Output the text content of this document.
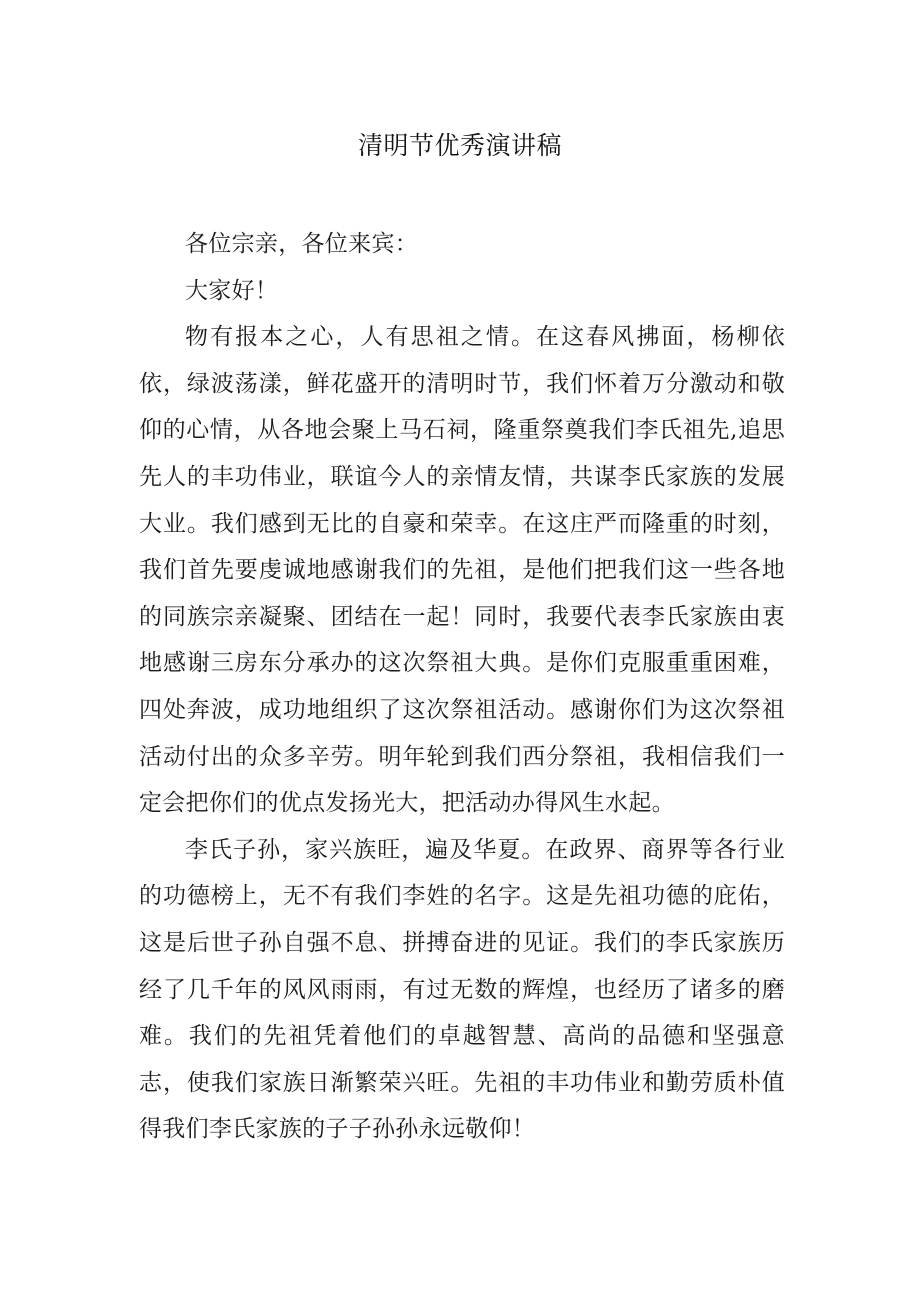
清明节优秀演讲稿

各位宗亲，各位来宾：

大家好！

物有报本之心，人有思祖之情。在这春风拂面，杨柳依依，绿波荡漾，鲜花盛开的清明时节，我们怀着万分激动和敬仰的心情，从各地会聚上马石祠，隆重祭奠我们李氏祖先,追思先人的丰功伟业，联谊今人的亲情友情，共谋李氏家族的发展大业。我们感到无比的自豪和荣幸。在这庄严而隆重的时刻，我们首先要虔诚地感谢我们的先祖，是他们把我们这一些各地的同族宗亲凝聚、团结在一起！同时，我要代表李氏家族由衷地感谢三房东分承办的这次祭祖大典。是你们克服重重困难，四处奔波，成功地组织了这次祭祖活动。感谢你们为这次祭祖活动付出的众多辛劳。明年轮到我们西分祭祖，我相信我们一定会把你们的优点发扬光大，把活动办得风生水起。

李氏子孙，家兴族旺，遍及华夏。在政界、商界等各行业的功德榜上，无不有我们李姓的名字。这是先祖功德的庇佑，这是后世子孙自强不息、拼搏奋进的见证。我们的李氏家族历经了几千年的风风雨雨，有过无数的辉煌，也经历了诸多的磨难。我们的先祖凭着他们的卓越智慧、高尚的品德和坚强意志，使我们家族日渐繁荣兴旺。先祖的丰功伟业和勤劳质朴值得我们李氏家族的子子孙孙永远敬仰！
